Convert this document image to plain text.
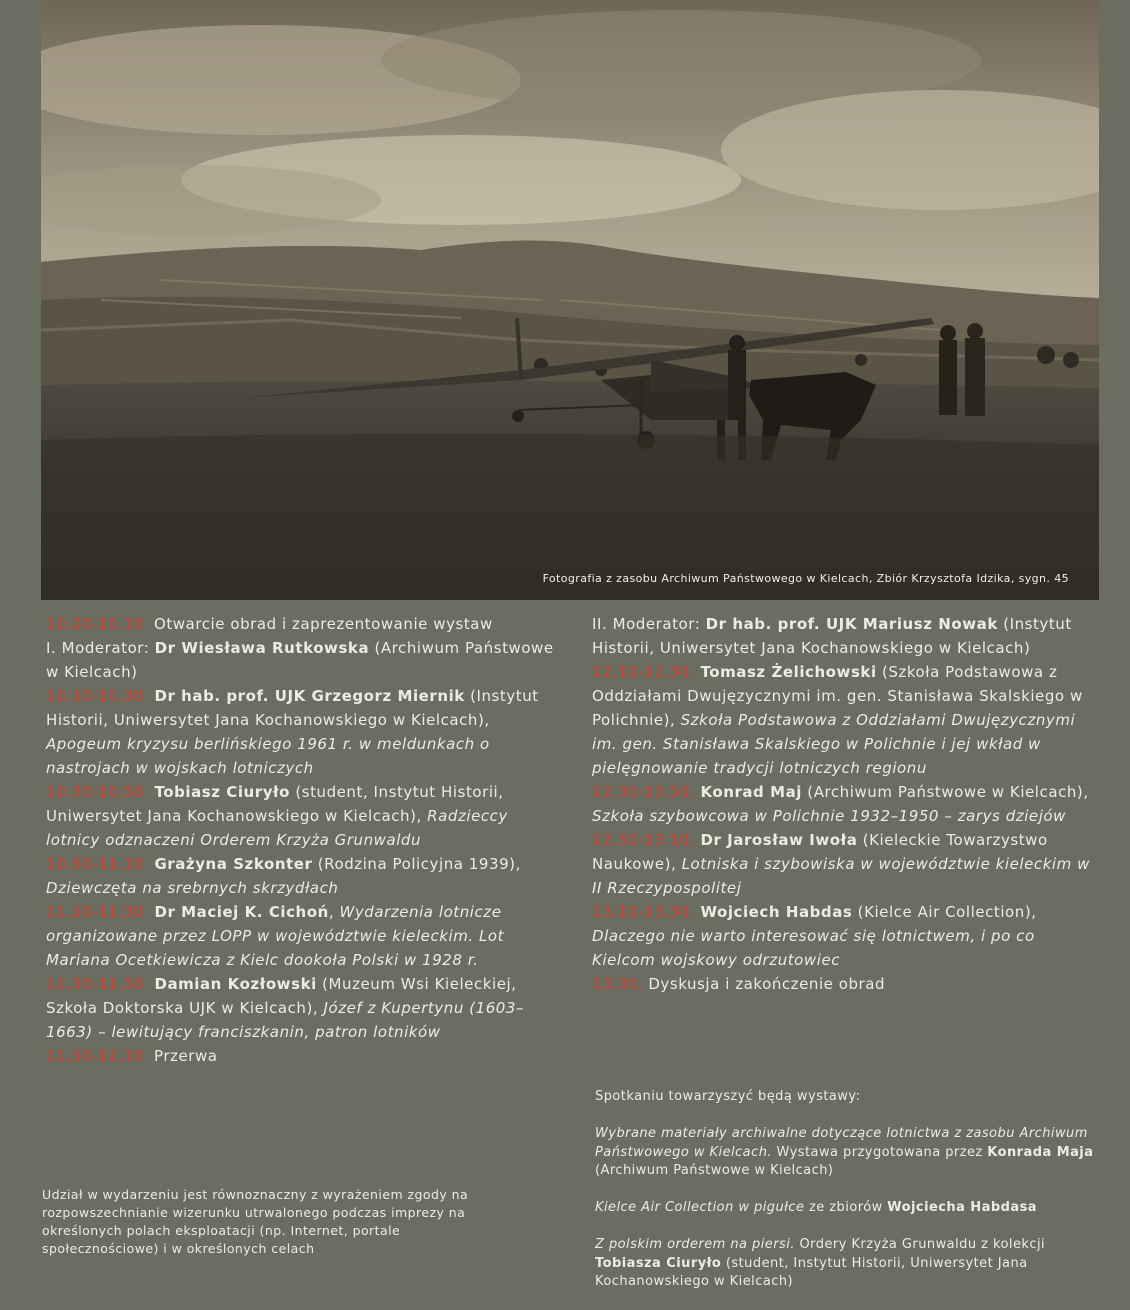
Fotografia z zasobu Archiwum Państwowego w Kielcach, Zbiór Krzysztofa Idzika, sygn. 45

10.00-10.10. Otwarcie obrad i zaprezentowanie wystaw

I. Moderator: Dr Wiesława Rutkowska (Archiwum Państwowe w Kielcach)

10.10-10.30. Dr hab. prof. UJK Grzegorz Miernik (Instytut Historii, Uniwersytet Jana Kochanowskiego w Kielcach), Apogeum kryzysu berlińskiego 1961 r. w meldunkach o nastrojach w wojskach lotniczych

10.30-10.50. Tobiasz Ciuryło (student, Instytut Historii, Uniwersytet Jana Kochanowskiego w Kielcach), Radzieccy lotnicy odznaczeni Orderem Krzyża Grunwaldu

10.50-11.10. Grażyna Szkonter (Rodzina Policyjna 1939), Dziewczęta na srebrnych skrzydłach

11.10-11.30. Dr Maciej K. Cichoń, Wydarzenia lotnicze organizowane przez LOPP w województwie kieleckim. Lot Mariana Ocetkiewicza z Kielc dookoła Polski w 1928 r.

11.30-11.50. Damian Kozłowski (Muzeum Wsi Kieleckiej, Szkoła Doktorska UJK w Kielcach), Józef z Kupertynu (1603–1663) – lewitujący franciszkanin, patron lotników

11.50-12.10. Przerwa

II. Moderator: Dr hab. prof. UJK Mariusz Nowak (Instytut Historii, Uniwersytet Jana Kochanowskiego w Kielcach)

12.10-12.30. Tomasz Żelichowski (Szkoła Podstawowa z Oddziałami Dwujęzycznymi im. gen. Stanisława Skalskiego w Polichnie), Szkoła Podstawowa z Oddziałami Dwujęzycznymi im. gen. Stanisława Skalskiego w Polichnie i jej wkład w pielęgnowanie tradycji lotniczych regionu

12.30-12.50. Konrad Maj (Archiwum Państwowe w Kielcach), Szkoła szybowcowa w Polichnie 1932–1950 – zarys dziejów

12.50-13.10. Dr Jarosław Iwoła (Kieleckie Towarzystwo Naukowe), Lotniska i szybowiska w województwie kieleckim w II Rzeczypospolitej

13.10-13.30. Wojciech Habdas (Kielce Air Collection), Dlaczego nie warto interesować się lotnictwem, i po co Kielcom wojskowy odrzutowiec

13.30. Dyskusja i zakończenie obrad

Spotkaniu towarzyszyć będą wystawy:

Wybrane materiały archiwalne dotyczące lotnictwa z zasobu Archiwum Państwowego w Kielcach. Wystawa przygotowana przez Konrada Maja (Archiwum Państwowe w Kielcach)

Kielce Air Collection w pigułce ze zbiorów Wojciecha Habdasa

Z polskim orderem na piersi. Ordery Krzyża Grunwaldu z kolekcji Tobiasza Ciuryło (student, Instytut Historii, Uniwersytet Jana Kochanowskiego w Kielcach)

Udział w wydarzeniu jest równoznaczny z wyrażeniem zgody na rozpowszechnianie wizerunku utrwalonego podczas imprezy na określonych polach eksploatacji (np. Internet, portale społecznościowe) i w określonych celach
